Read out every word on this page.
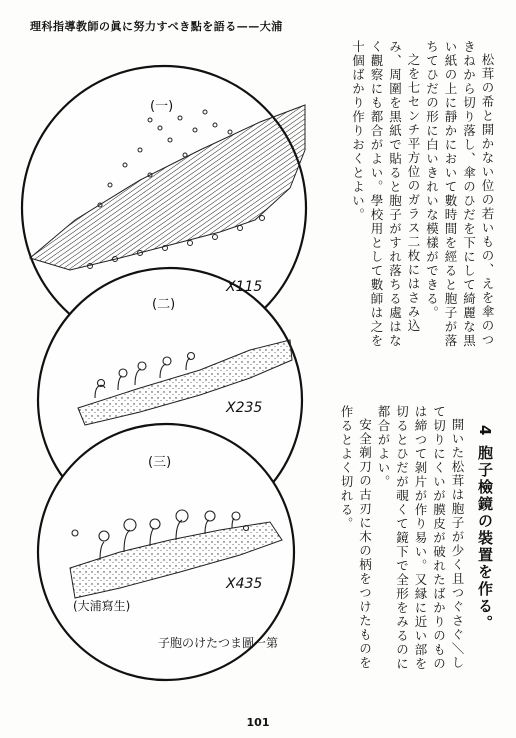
理科指導教師の眞に努力すべき點を語る——大浦
(一)
X115
(二)
X235
(三)
X435
(大浦寫生)
子胞のけたつま圖一第

松茸の希と開かない位の若いもの、えを傘のつきねから切り落し、傘のひだを下にして綺麗な黒い紙の上に靜かにおいて數時間を經ると胞子が落ちてひだの形に白いきれいな模樣ができる。

之を七センチ平方位のガラス二枚にはさみ込み、周圍を黒紙で貼ると胞子がすれ落ちる處はなく觀察にも都合がよい。學校用として數師は之を十個ばかり作りおくとよい。

4 胞子檢鏡の裝置を作る。

開いた松茸は胞子が少く且つぐさぐ＼して切りにくいが膜皮が破れたばかりのものは締つて剝片が作り易い。又縁に近い部を切るとひだが覗くて鏡下で全形をみるのに都合がよい。

安全剃刀の古刃に木の柄をつけたものを作るとよく切れる。

101
